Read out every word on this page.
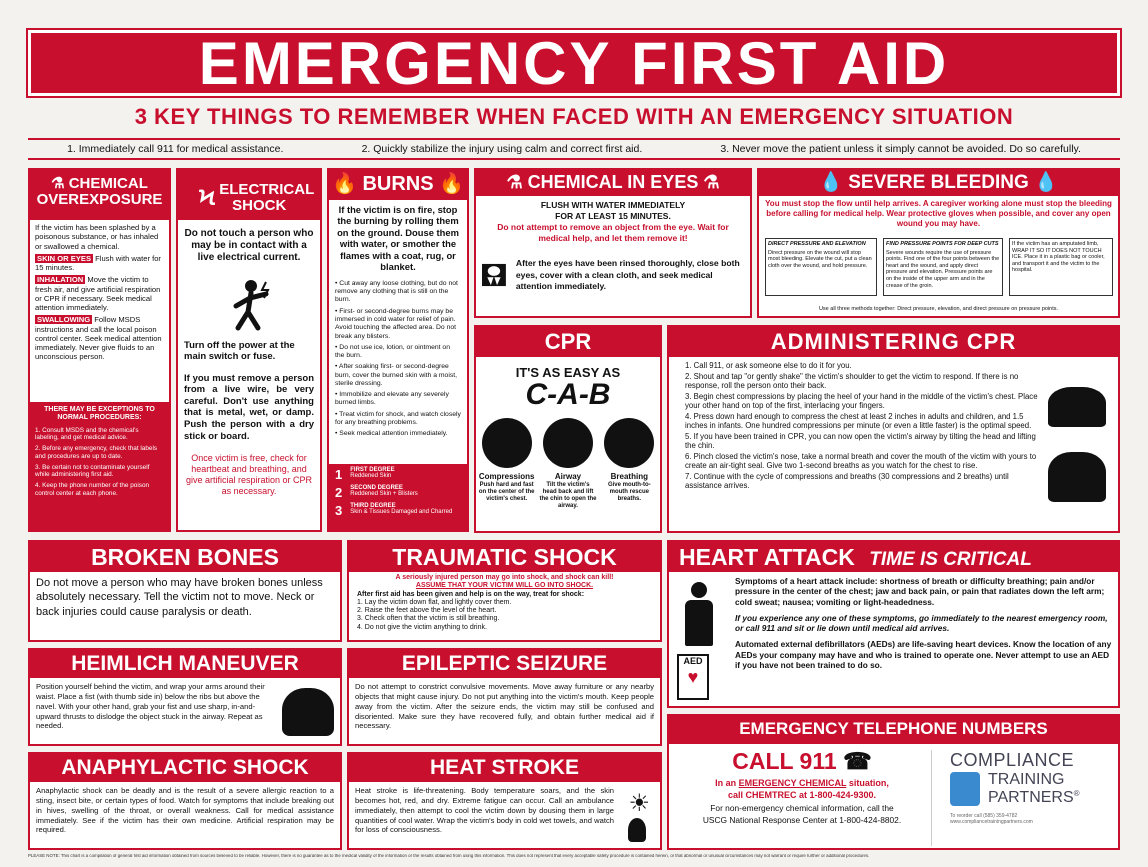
EMERGENCY FIRST AID
3 KEY THINGS TO REMEMBER WHEN FACED WITH AN EMERGENCY SITUATION
1. Immediately call 911 for medical assistance.	2. Quickly stabilize the injury using calm and correct first aid.	3. Never move the patient unless it simply cannot be avoided. Do so carefully.
⚗ CHEMICAL OVEREXPOSURE

If the victim has been splashed by a poisonous substance, or has inhaled or swallowed a chemical.

SKIN OR EYES Flush with water for 15 minutes.

INHALATION Move the victim to fresh air, and give artificial respiration or CPR if necessary. Seek medical attention immediately.

SWALLOWING Follow MSDS instructions and call the local poison control center. Seek medical attention immediately. Never give fluids to an unconscious person.

THERE MAY BE EXCEPTIONS TO NORMAL PROCEDURES:
1. Consult MSDS and the chemical's labeling, and get medical advice.
2. Before any emergency, check that labels and procedures are up to date.
3. Be certain not to contaminate yourself while administering first aid.
4. Keep the phone number of the poison control center at each phone.
Ϟ ELECTRICAL SHOCK

Do not touch a person who may be in contact with a live electrical current.

Turn off the power at the main switch or fuse.

If you must remove a person from a live wire, be very careful. Don't use anything that is metal, wet, or damp. Push the person with a dry stick or board.

Once victim is free, check for heartbeat and breathing, and give artificial respiration or CPR as necessary.

🔥 BURNS 🔥

If the victim is on fire, stop the burning by rolling them on the ground. Douse them with water, or smother the flames with a coat, rug, or blanket.

• Cut away any loose clothing, but do not remove any clothing that is still on the burn.
• First- or second-degree burns may be immersed in cold water for relief of pain. Avoid touching the affected area. Do not break any blisters.
• Do not use ice, lotion, or ointment on the burn.
• After soaking first- or second-degree burn, cover the burned skin with a moist, sterile dressing.
• Immobilize and elevate any severely burned limbs.
• Treat victim for shock, and watch closely for any breathing problems.
• Seek medical attention immediately.
1 FIRST DEGREE
Reddened Skin
2 SECOND DEGREE
Reddened Skin + Blisters
3 THIRD DEGREE
Skin & Tissues Damaged and Charred
⚗ CHEMICAL IN EYES ⚗
FLUSH WITH WATER IMMEDIATELY
FOR AT LEAST 15 MINUTES.
Do not attempt to remove an object from the eye. Wait for medical help, and let them remove it!
After the eyes have been rinsed thoroughly, close both eyes, cover with a clean cloth, and seek medical attention immediately.
💧 SEVERE BLEEDING 💧
You must stop the flow until help arrives. A caregiver working alone must stop the bleeding before calling for medical help. Wear protective gloves when possible, and cover any open wound you may have.
DIRECT PRESSURE AND ELEVATION
Direct pressure on the wound will stop most bleeding. Elevate the cut, put a clean cloth over the wound, and hold pressure.
FIND PRESSURE POINTS FOR DEEP CUTS
Severe wounds require the use of pressure points. Find one of the four points between the heart and the wound, and apply direct pressure and elevation. Pressure points are on the inside of the upper arm and in the crease of the groin.
If the victim has an amputated limb, WRAP IT SO IT DOES NOT TOUCH ICE. Place it in a plastic bag or cooler, and transport it and the victim to the hospital.
Use all three methods together: Direct pressure, elevation, and direct pressure on pressure points.
CPR
IT'S AS EASY AS
C-A-B
Compressions
Push hard and fast on the center of the victim's chest.
Airway
Tilt the victim's head back and lift the chin to open the airway.
Breathing
Give mouth-to-mouth rescue breaths.
ADMINISTERING CPR
1. Call 911, or ask someone else to do it for you.
2. Shout and tap "or gently shake" the victim's shoulder to get the victim to respond. If there is no response, roll the person onto their back.
3. Begin chest compressions by placing the heel of your hand in the middle of the victim's chest. Place your other hand on top of the first, interlacing your fingers.
4. Press down hard enough to compress the chest at least 2 inches in adults and children, and 1.5 inches in infants. One hundred compressions per minute (or even a little faster) is the optimal speed.
5. If you have been trained in CPR, you can now open the victim's airway by tilting the head and lifting the chin.
6. Pinch closed the victim's nose, take a normal breath and cover the mouth of the victim with yours to create an air-tight seal. Give two 1-second breaths as you watch for the chest to rise.
7. Continue with the cycle of compressions and breaths (30 compressions and 2 breaths) until assistance arrives.
BROKEN BONES
Do not move a person who may have broken bones unless absolutely necessary. Tell the victim not to move. Neck or back injuries could cause paralysis or death.
TRAUMATIC SHOCK
A seriously injured person may go into shock, and shock can kill!
ASSUME THAT YOUR VICTIM WILL GO INTO SHOCK.
After first aid has been given and help is on the way, treat for shock:
1. Lay the victim down flat, and lightly cover them.
2. Raise the feet above the level of the heart.
3. Check often that the victim is still breathing.
4. Do not give the victim anything to drink.
HEART ATTACK TIME IS CRITICAL
AED
♥

Symptoms of a heart attack include: shortness of breath or difficulty breathing; pain and/or pressure in the center of the chest; jaw and back pain, or pain that radiates down the left arm; cold sweat; nausea; vomiting or light-headedness.

If you experience any one of these symptoms, go immediately to the nearest emergency room, or call 911 and sit or lie down until medical aid arrives.

Automated external defibrillators (AEDs) are life-saving heart devices. Know the location of any AEDs your company may have and who is trained to operate one. Never attempt to use an AED if you have not been trained to do so.

HEIMLICH MANEUVER
Position yourself behind the victim, and wrap your arms around their waist. Place a fist (with thumb side in) below the ribs but above the navel. With your other hand, grab your fist and use sharp, in-and-upward thrusts to dislodge the object stuck in the airway. Repeat as needed.
EPILEPTIC SEIZURE
Do not attempt to constrict convulsive movements. Move away furniture or any nearby objects that might cause injury. Do not put anything into the victim's mouth. Keep people away from the victim. After the seizure ends, the victim may still be confused and disoriented. Make sure they have recovered fully, and obtain further medical aid if necessary.	EMERGENCY TELEPHONE NUMBERS
CALL 911 ☎
In an EMERGENCY CHEMICAL situation,
call CHEMTREC at 1-800-424-9300.
For non-emergency chemical information, call the
USCG National Response Center at 1-800-424-8802.
COMPLIANCE
TRAINING
PARTNERS®
To reorder call (585) 359-4782
www.compliancetrainingpartners.com
ANAPHYLACTIC SHOCK
Anaphylactic shock can be deadly and is the result of a severe allergic reaction to a sting, insect bite, or certain types of food. Watch for symptoms that include breaking out in hives, swelling of the throat, or overall weakness. Call for medical assistance immediately. See if the victim has their own medicine. Artificial respiration may be required.
HEAT STROKE
Heat stroke is life-threatening. Body temperature soars, and the skin becomes hot, red, and dry. Extreme fatigue can occur. Call an ambulance immediately, then attempt to cool the victim down by dousing them in large quantities of cool water. Wrap the victim's body in cold wet towels, and watch for loss of consciousness.
☀
PLEASE NOTE: This chart is a compilation of general first aid information obtained from sources believed to be reliable. However, there is no guarantee as to the medical validity of the information or the results obtained from using this information. This does not represent that every acceptable safety procedure is contained herein, or that abnormal or unusual circumstances may not warrant or require further or additional procedures.
